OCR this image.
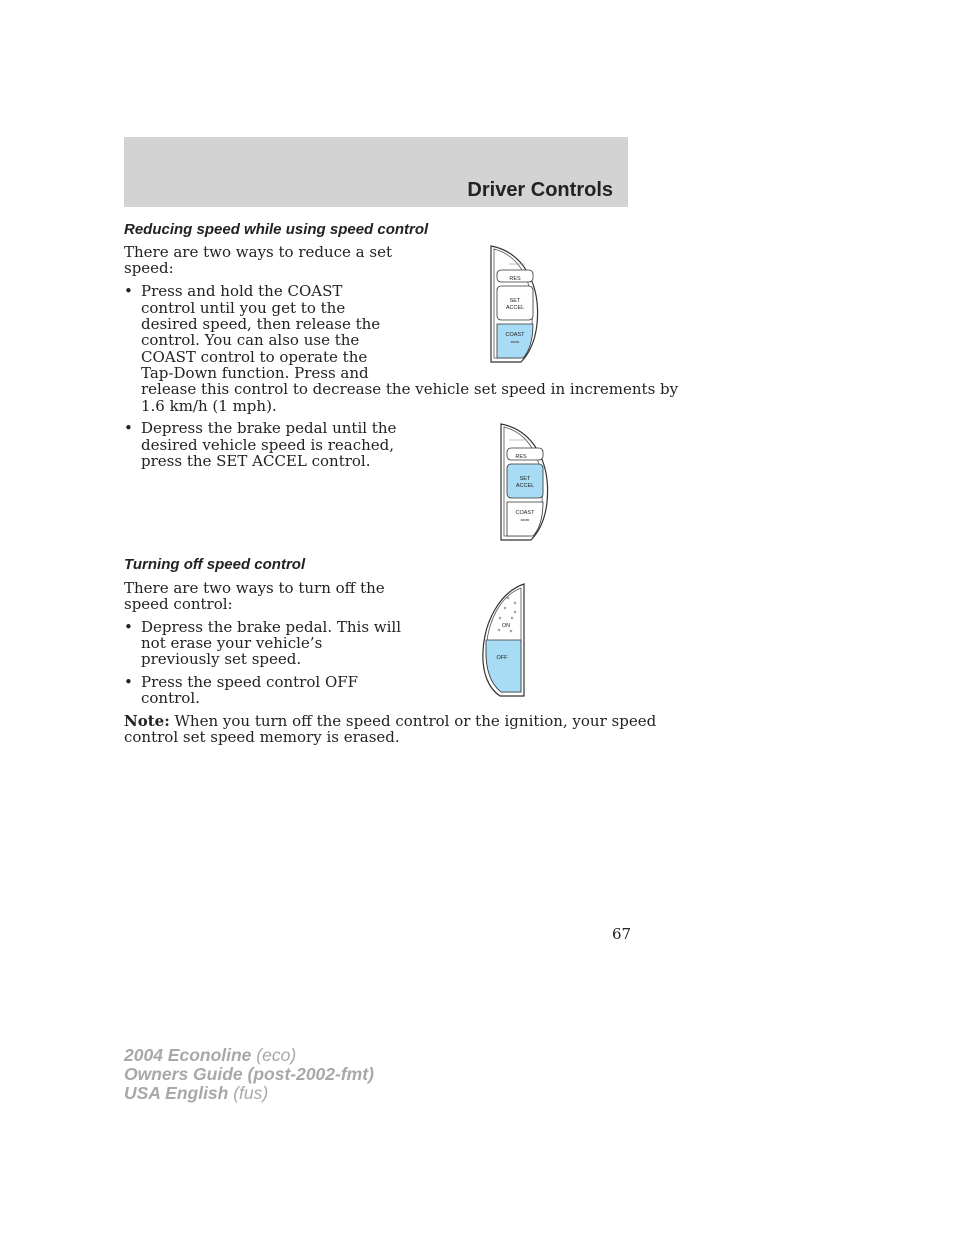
Driver Controls
Reducing speed while using speed control
There are two ways to reduce a set
speed:
• Press and hold the COAST
control until you get to the
desired speed, then release the
control. You can also use the
COAST control to operate the
Tap-Down function. Press and
release this control to decrease the vehicle set speed in increments by
1.6 km/h (1 mph).
• Depress the brake pedal until the
desired vehicle speed is reached,
press the SET ACCEL control.
RES
SET
ACCEL
COAST
◂◂ ▸▸
RES
SET
ACCEL
COAST
◂◂ ▸▸
Turning off speed control
There are two ways to turn off the
speed control:
• Depress the brake pedal. This will
not erase your vehicle’s
previously set speed.
• Press the speed control OFF
control.
Note: When you turn off the speed control or the ignition, your speed
control set speed memory is erased.
ON
OFF
67
2004 Econoline (eco)
Owners Guide (post-2002-fmt)
USA English (fus)
